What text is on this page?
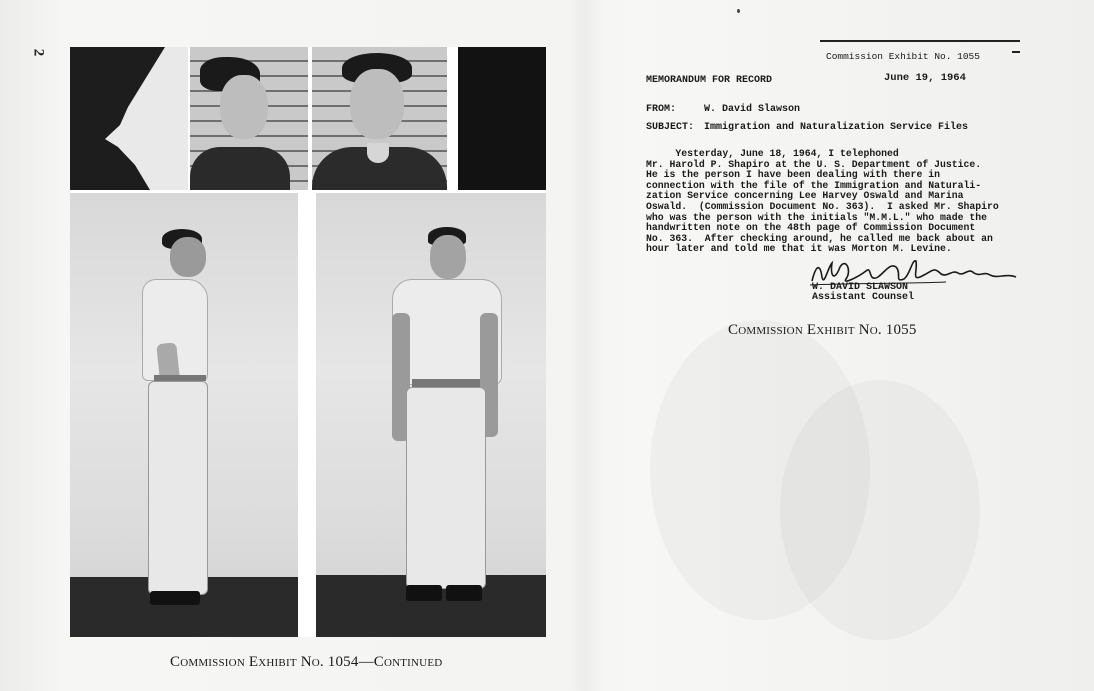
2
Commission Exhibit No. 1054—Continued
Commission Exhibit No. 1055
MEMORANDUM FOR RECORD	June 19, 1964
FROM:	W. David Slawson
SUBJECT: Immigration and Naturalization Service Files
Yesterday, June 18, 1964, I telephoned
Mr. Harold P. Shapiro at the U. S. Department of Justice.
He is the person I have been dealing with there in
connection with the file of the Immigration and Naturali-
zation Service concerning Lee Harvey Oswald and Marina
Oswald.  (Commission Document No. 363).  I asked Mr. Shapiro
who was the person with the initials "M.M.L." who made the
handwritten note on the 48th page of Commission Document
No. 363.  After checking around, he called me back about an
hour later and told me that it was Morton M. Levine.
W. DAVID SLAWSON
Assistant Counsel
Commission Exhibit No. 1055
